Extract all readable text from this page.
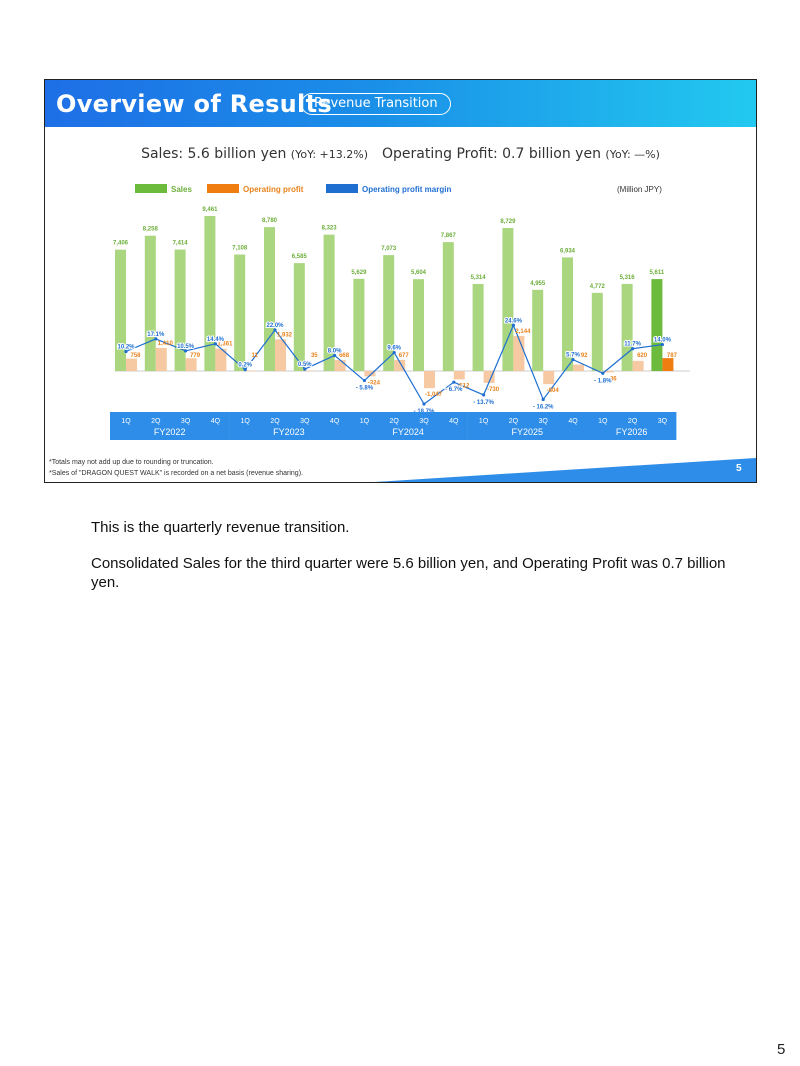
Overview of Results
Revenue Transition
Sales: 5.6 billion yen (YoY: +13.2%) Operating Profit: 0.7 billion yen (YoY: —%)
Sales	Operating profit	Operating profit margin	(Million JPY)
7,406
758
8,258
1,410
7,414
779
9,461
1,361
7,108
11
8,780
1,932
6,585
35
8,323
668
5,629
-324
7,073
677
5,604
-1,047
7,867
-512
5,314
-730
8,729
2,144
4,955
-804
6,934
392
4,772
-86
5,316
620
5,611
787
10.2%
17.1%
10.5%
14.4%
0.2%
22.0%
0.5%
8.0%
- 5.8%
9.6%
- 6.7%
- 13.7%
24.6%
- 16.2%
5.7%
- 1.8%
11.7%
14.0%
1Q	2Q	3Q	4Q
FY2022
1Q	2Q	3Q	4Q
FY2023
1Q	2Q	3Q	4Q
FY2024
1Q	2Q	3Q	4Q
FY2025
1Q	2Q	3Q
FY2026
*Totals may not add up due to rounding or truncation.
*Sales of "DRAGON QUEST WALK" is recorded on a net basis (revenue sharing).	5

This is the quarterly revenue transition.

Consolidated Sales for the third quarter were 5.6 billion yen, and Operating Profit was 0.7 billion yen.

5
